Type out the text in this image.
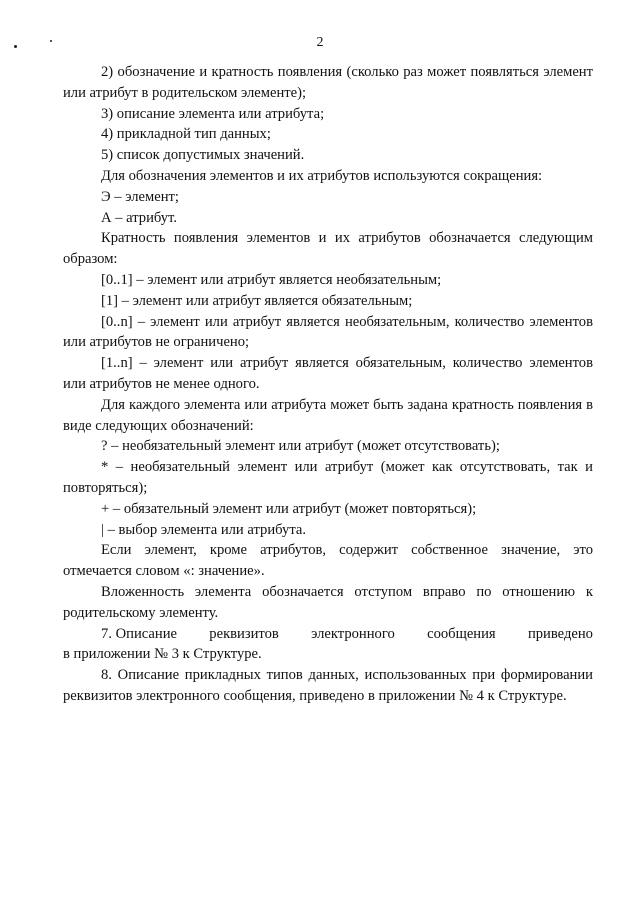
2

2) обозначение и кратность появления (сколько раз может появляться элемент или атрибут в родительском элементе);

3) описание элемента или атрибута;

4) прикладной тип данных;

5) список допустимых значений.

Для обозначения элементов и их атрибутов используются сокращения:

Э – элемент;

А – атрибут.

Кратность появления элементов и их атрибутов обозначается следующим образом:

[0..1] – элемент или атрибут является необязательным;

[1] – элемент или атрибут является обязательным;

[0..n] – элемент или атрибут является необязательным, количество элементов или атрибутов не ограничено;

[1..n] – элемент или атрибут является обязательным, количество элементов или атрибутов не менее одного.

Для каждого элемента или атрибута может быть задана кратность появления в виде следующих обозначений:

? – необязательный элемент или атрибут (может отсутствовать);

* – необязательный элемент или атрибут (может как отсутствовать, так и повторяться);

+ – обязательный элемент или атрибут (может повторяться);

| – выбор элемента или атрибута.

Если элемент, кроме атрибутов, содержит собственное значение, это отмечается словом «: значение».

Вложенность элемента обозначается отступом вправо по отношению к родительскому элементу.

7. Описание реквизитов электронного сообщения приведено

в приложении № 3 к Структуре.

8. Описание прикладных типов данных, использованных при формировании реквизитов электронного сообщения, приведено в приложении № 4 к Структуре.
